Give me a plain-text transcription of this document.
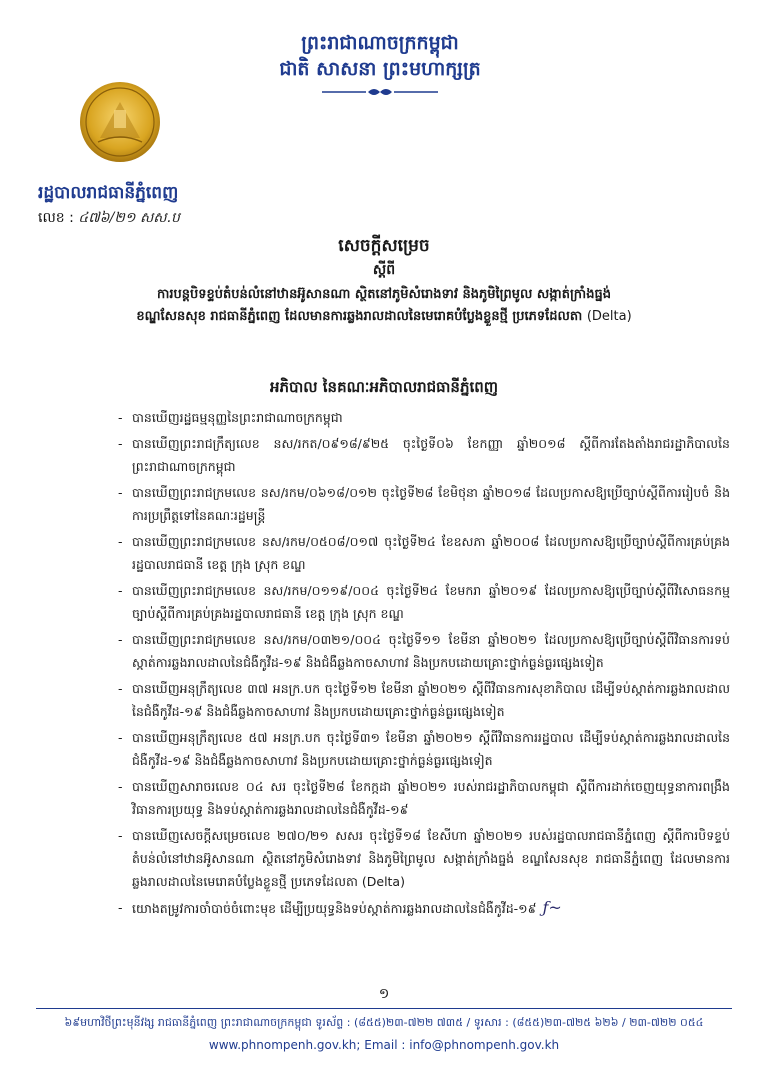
ព្រះរាជាណាចក្រកម្ពុជា
ជាតិ សាសនា ព្រះមហាក្សត្រ
រដ្ឋបាលរាជធានីភ្នំពេញ
លេខ : ៤៧៦/២១ សស.ប
សេចក្ដីសម្រេច
ស្ដីពី
ការបន្ដបិទខ្ទប់តំបន់លំនៅឋានអ៊ូសានណា ស្ថិតនៅភូមិសំរោងទាវ និងភូមិព្រៃមូល សង្កាត់ក្រាំងធ្នង់
ខណ្ឌសែនសុខ រាជធានីភ្នំពេញ ដែលមានការឆ្លងរាលដាលនៃមេរោគបំប្លែងខ្លួនថ្មី ប្រភេទដែលតា (Delta)
អភិបាល នៃគណៈអភិបាលរាជធានីភ្នំពេញ
- បានឃើញរដ្ឋធម្មនុញ្ញនៃព្រះរាជាណាចក្រកម្ពុជា
- បានឃើញព្រះរាជក្រឹត្យលេខ នស/រកត/០៩១៨/៩២៥ ចុះថ្ងៃទី០៦ ខែកញ្ញា ឆ្នាំ២០១៨ ស្ដីពីការតែងតាំងរាជរដ្ឋាភិបាលនៃព្រះរាជាណាចក្រកម្ពុជា
- បានឃើញព្រះរាជក្រមលេខ នស/រកម/០៦១៨/០១២ ចុះថ្ងៃទី២៨ ខែមិថុនា ឆ្នាំ២០១៨ ដែលប្រកាសឱ្យប្រើច្បាប់ស្ដីពីការរៀបចំ និងការប្រព្រឹត្ដទៅនៃគណៈរដ្ឋមន្ដ្រី
- បានឃើញព្រះរាជក្រមលេខ នស/រកម/០៥០៨/០១៧ ចុះថ្ងៃទី២៤ ខែឧសភា ឆ្នាំ២០០៨ ដែលប្រកាសឱ្យប្រើច្បាប់ស្ដីពីការគ្រប់គ្រងរដ្ឋបាលរាជធានី ខេត្ដ ក្រុង ស្រុក ខណ្ឌ
- បានឃើញព្រះរាជក្រមលេខ នស/រកម/០១១៩/០០៤ ចុះថ្ងៃទី២៤ ខែមករា ឆ្នាំ២០១៩ ដែលប្រកាសឱ្យប្រើច្បាប់ស្ដីពីវិសោធនកម្មច្បាប់ស្ដីពីការគ្រប់គ្រងរដ្ឋបាលរាជធានី ខេត្ដ ក្រុង ស្រុក ខណ្ឌ
- បានឃើញព្រះរាជក្រមលេខ នស/រកម/០៣២១/០០៤ ចុះថ្ងៃទី១១ ខែមីនា ឆ្នាំ២០២១ ដែលប្រកាសឱ្យប្រើច្បាប់ស្ដីពីវិធានការទប់ស្កាត់ការឆ្លងរាលដាលនៃជំងឺកូវីដ-១៩ និងជំងឺឆ្លងកាចសាហាវ និងប្រកបដោយគ្រោះថ្នាក់ធ្ងន់ធ្ងរផ្សេងទៀត
- បានឃើញអនុក្រឹត្យលេខ ៣៧ អនក្រ.បក ចុះថ្ងៃទី១២ ខែមីនា ឆ្នាំ២០២១ ស្ដីពីវិធានការសុខាភិបាល ដើម្បីទប់ស្កាត់ការឆ្លងរាលដាលនៃជំងឺកូវីដ-១៩ និងជំងឺឆ្លងកាចសាហាវ និងប្រកបដោយគ្រោះថ្នាក់ធ្ងន់ធ្ងរផ្សេងទៀត
- បានឃើញអនុក្រឹត្យលេខ ៥៧ អនក្រ.បក ចុះថ្ងៃទី៣១ ខែមីនា ឆ្នាំ២០២១ ស្ដីពីវិធានការរដ្ឋបាល ដើម្បីទប់ស្កាត់ការឆ្លងរាលដាលនៃជំងឺកូវីដ-១៩ និងជំងឺឆ្លងកាចសាហាវ និងប្រកបដោយគ្រោះថ្នាក់ធ្ងន់ធ្ងរផ្សេងទៀត
- បានឃើញសារាចរលេខ ០៤ សរ ចុះថ្ងៃទី២៨ ខែកក្កដា ឆ្នាំ២០២១ របស់រាជរដ្ឋាភិបាលកម្ពុជា ស្ដីពីការដាក់ចេញយុទ្ធនាការពង្រឹងវិធានការប្រយុទ្ធ និងទប់ស្កាត់ការឆ្លងរាលដាលនៃជំងឺកូវីដ-១៩
- បានឃើញសេចក្ដីសម្រេចលេខ ២៧០/២១ សសរ ចុះថ្ងៃទី១៨ ខែសីហា ឆ្នាំ២០២១ របស់រដ្ឋបាលរាជធានីភ្នំពេញ ស្ដីពីការបិទខ្ទប់តំបន់លំនៅឋានអ៊ូសានណា ស្ថិតនៅភូមិសំរោងទាវ និងភូមិព្រៃមូល សង្កាត់ក្រាំងធ្នង់ ខណ្ឌសែនសុខ រាជធានីភ្នំពេញ ដែលមានការឆ្លងរាលដាលនៃមេរោគបំប្លែងខ្លួនថ្មី ប្រភេទដែលតា (Delta)
- យោងតម្រូវការចាំបាច់ចំពោះមុខ ដើម្បីប្រយុទ្ធនិងទប់ស្កាត់ការឆ្លងរាលដាលនៃជំងឺកូវីដ-១៩ ƒ~
១
៦៩មហាវិថីព្រះមុនីវង្ស រាជធានីភ្នំពេញ ព្រះរាជាណាចក្រកម្ពុជា ទូរស័ព្ទ : (៨៥៥)២៣-៧២២ ៧៣៥ / ទូរសារ : (៨៥៥)២៣-៧២៥ ៦២៦ / ២៣-៧២២ ០៥៤
www.phnompenh.gov.kh; Email : info@phnompenh.gov.kh
